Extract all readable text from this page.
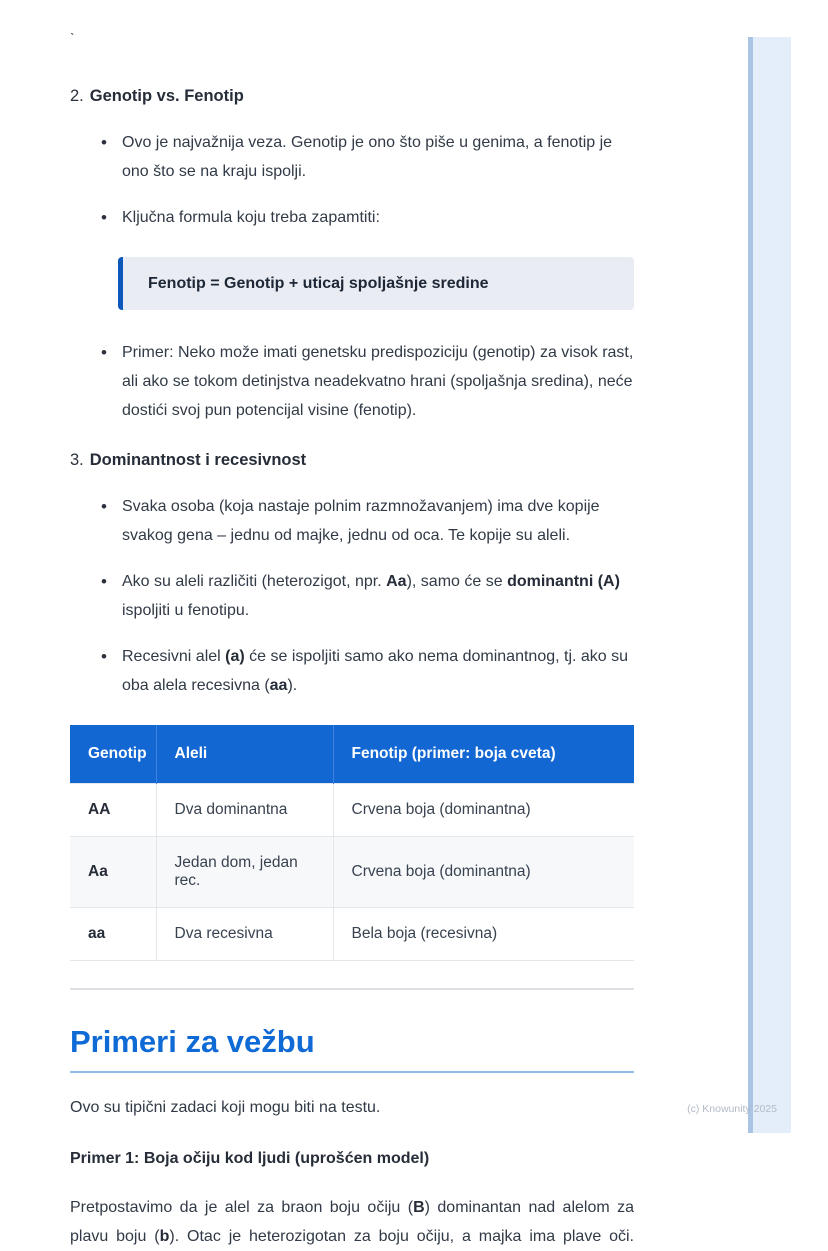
`

2. Genotip vs. Fenotip

• Ovo je najvažnija veza. Genotip je ono što piše u genima, a fenotip je ono što se na kraju ispolji.
• Ključna formula koju treba zapamtiti:
Fenotip = Genotip + uticaj spoljašnje sredine
• Primer: Neko može imati genetsku predispoziciju (genotip) za visok rast, ali ako se tokom detinjstva neadekvatno hrani (spoljašnja sredina), neće dostići svoj pun potencijal visine (fenotip).

3. Dominantnost i recesivnost

• Svaka osoba (koja nastaje polnim razmnožavanjem) ima dve kopije svakog gena – jednu od majke, jednu od oca. Te kopije su aleli.
• Ako su aleli različiti (heterozigot, npr. Aa), samo će se dominantni (A) ispoljiti u fenotipu.
• Recesivni alel (a) će se ispoljiti samo ako nema dominantnog, tj. ako su oba alela recesivna (aa).
Genotip	Aleli	Fenotip (primer: boja cveta)
AA	Dva dominantna	Crvena boja (dominantna)
Aa	Jedan dom, jedan rec.	Crvena boja (dominantna)
aa	Dva recesivna	Bela boja (recesivna)
Primeri za vežbu

Ovo su tipični zadaci koji mogu biti na testu.

Primer 1: Boja očiju kod ljudi (uprošćen model)

Pretpostavimo da je alel za braon boju očiju (B) dominantan nad alelom za plavu boju (b). Otac je heterozigotan za boju očiju, a majka ima plave oči.

(c) Knowunity 2025
